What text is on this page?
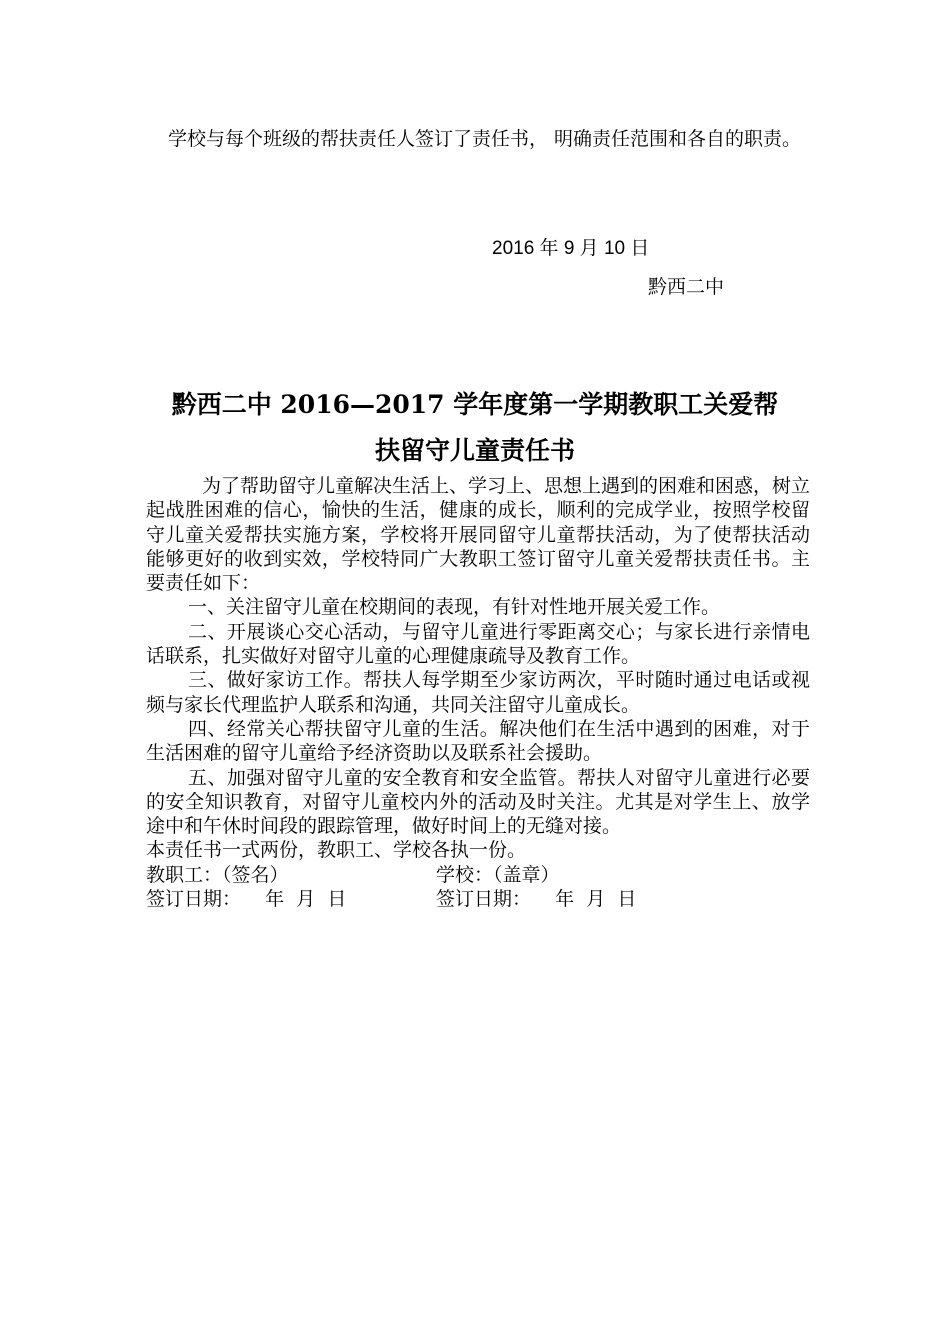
学校与每个班级的帮扶责任人签订了责任书， 明确责任范围和各自的职责。
2016 年 9 月 10 日
黔西二中
黔西二中 2016—2017 学年度第一学期教职工关爱帮
扶留守儿童责任书

为了帮助留守儿童解决生活上、学习上、思想上遇到的困难和困惑，树立起战胜困难的信心，愉快的生活，健康的成长，顺利的完成学业，按照学校留守儿童关爱帮扶实施方案，学校将开展同留守儿童帮扶活动，为了使帮扶活动能够更好的收到实效，学校特同广大教职工签订留守儿童关爱帮扶责任书。主要责任如下：

一、关注留守儿童在校期间的表现，有针对性地开展关爱工作。

二、开展谈心交心活动，与留守儿童进行零距离交心；与家长进行亲情电话联系，扎实做好对留守儿童的心理健康疏导及教育工作。

三、做好家访工作。帮扶人每学期至少家访两次，平时随时通过电话或视频与家长代理监护人联系和沟通，共同关注留守儿童成长。

四、经常关心帮扶留守儿童的生活。解决他们在生活中遇到的困难，对于生活困难的留守儿童给予经济资助以及联系社会援助。

五、加强对留守儿童的安全教育和安全监管。帮扶人对留守儿童进行必要的安全知识教育，对留守儿童校内外的活动及时关注。尤其是对学生上、放学途中和午休时间段的跟踪管理，做好时间上的无缝对接。

本责任书一式两份，教职工、学校各执一份。

教职工：（签名）	学校：（盖章）
签订日期：    年  月  日	签订日期：    年  月  日
